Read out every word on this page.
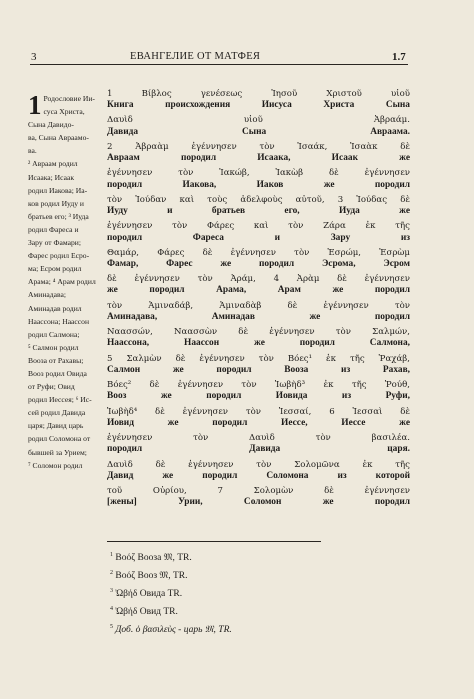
3	ЕВАНГЕЛИЕ ОТ МАТФЕЯ	1.7
1 Родословие Ии-

суса Христа,

Сына Давидо-

ва, Сына Авраамо-

ва.

² Авраам родил

Исаака; Исаак

родил Иакова; Иа-

ков родил Иуду и

братьев его; ³ Иуда

родил Фареса и

Зару от Фамари;

Фарес родил Есро-

ма; Есром родил

Арама; ⁴ Арам родил

Аминадава;

Аминадав родил

Наассона; Наассон

родил Салмона;

⁵ Салмон родил

Вооза от Рахавы;

Вооз родил Овида

от Руфи; Овид

родил Иессея; ⁶ Ис-

сей родил Давида

царя; Давид царь

родил Соломона от

бывшей за Урием;

⁷ Соломон родил

1 Βίβλος γενέσεως Ἰησοῦ Χριστοῦ υἱοῦ
Книга происхождения Иисуса Христа Сына
Δαυὶδ υἱοῦ Ἀβραάμ.
Давида Сына Авраама.
2 Ἀβραὰμ ἐγέννησεν τὸν Ἰσαάκ, Ἰσαὰκ δὲ
Авраам породил Исаака, Исаак же
ἐγέννησεν τὸν Ἰακώβ, Ἰακὼβ δὲ ἐγέννησεν
породил Иакова, Иаков же породил
τὸν Ἰούδαν καὶ τοὺς ἀδελφοὺς αὐτοῦ, 3 Ἰούδας δὲ
Иуду и братьев его, Иуда же
ἐγέννησεν τὸν Φάρες καὶ τὸν Ζάρα ἐκ τῆς
породил Фареса и Зару из
Θαμάρ, Φάρες δὲ ἐγέννησεν τὸν Ἑσρώμ, Ἑσρὼμ
Фамар, Фарес же породил Эсрома, Эсром
δὲ ἐγέννησεν τὸν Ἀράμ, 4 Ἀρὰμ δὲ ἐγέννησεν
же породил Арама, Арам же породил
τὸν Ἀμιναδάβ, Ἀμιναδὰβ δὲ ἐγέννησεν τὸν
Аминадава, Аминадав же породил
Ναασσών, Ναασσὼν δὲ ἐγέννησεν τὸν Σαλμών,
Наассона, Наассон же породил Салмона,
5 Σαλμὼν δὲ ἐγέννησεν τὸν Βόες¹ ἐκ τῆς Ῥαχάβ,
Салмон же породил Вооза из Рахав,
Βόες² δὲ ἐγέννησεν τὸν Ἰωβὴδ³ ἐκ τῆς Ῥούθ,
Вооз же породил Иовида из Руфи,
Ἰωβὴδ⁴ δὲ ἐγέννησεν τὸν Ἰεσσαί, 6 Ἰεσσαὶ δὲ
Иовид же породил Иессе, Иессе же
ἐγέννησεν τὸν Δαυὶδ τὸν βασιλέα.
породил Давида царя.
Δαυὶδ δὲ ἐγέννησεν τὸν Σολομῶνα ἐκ τῆς
Давид же породил Соломона из которой
τοῦ Οὐρίου, 7 Σολομὼν δὲ ἐγέννησεν
[жены] Урии, Соломон же породил
$^1$ Βοόζ Вооза 𝔐, TR.
$^2$ Βοόζ Вооз 𝔐, TR.
$^3$ Ὠβήδ Овида TR.
$^4$ Ὠβήδ Овид TR.
$^5$ Доб. ὁ βασιλεὺς - царь 𝔐, TR.
